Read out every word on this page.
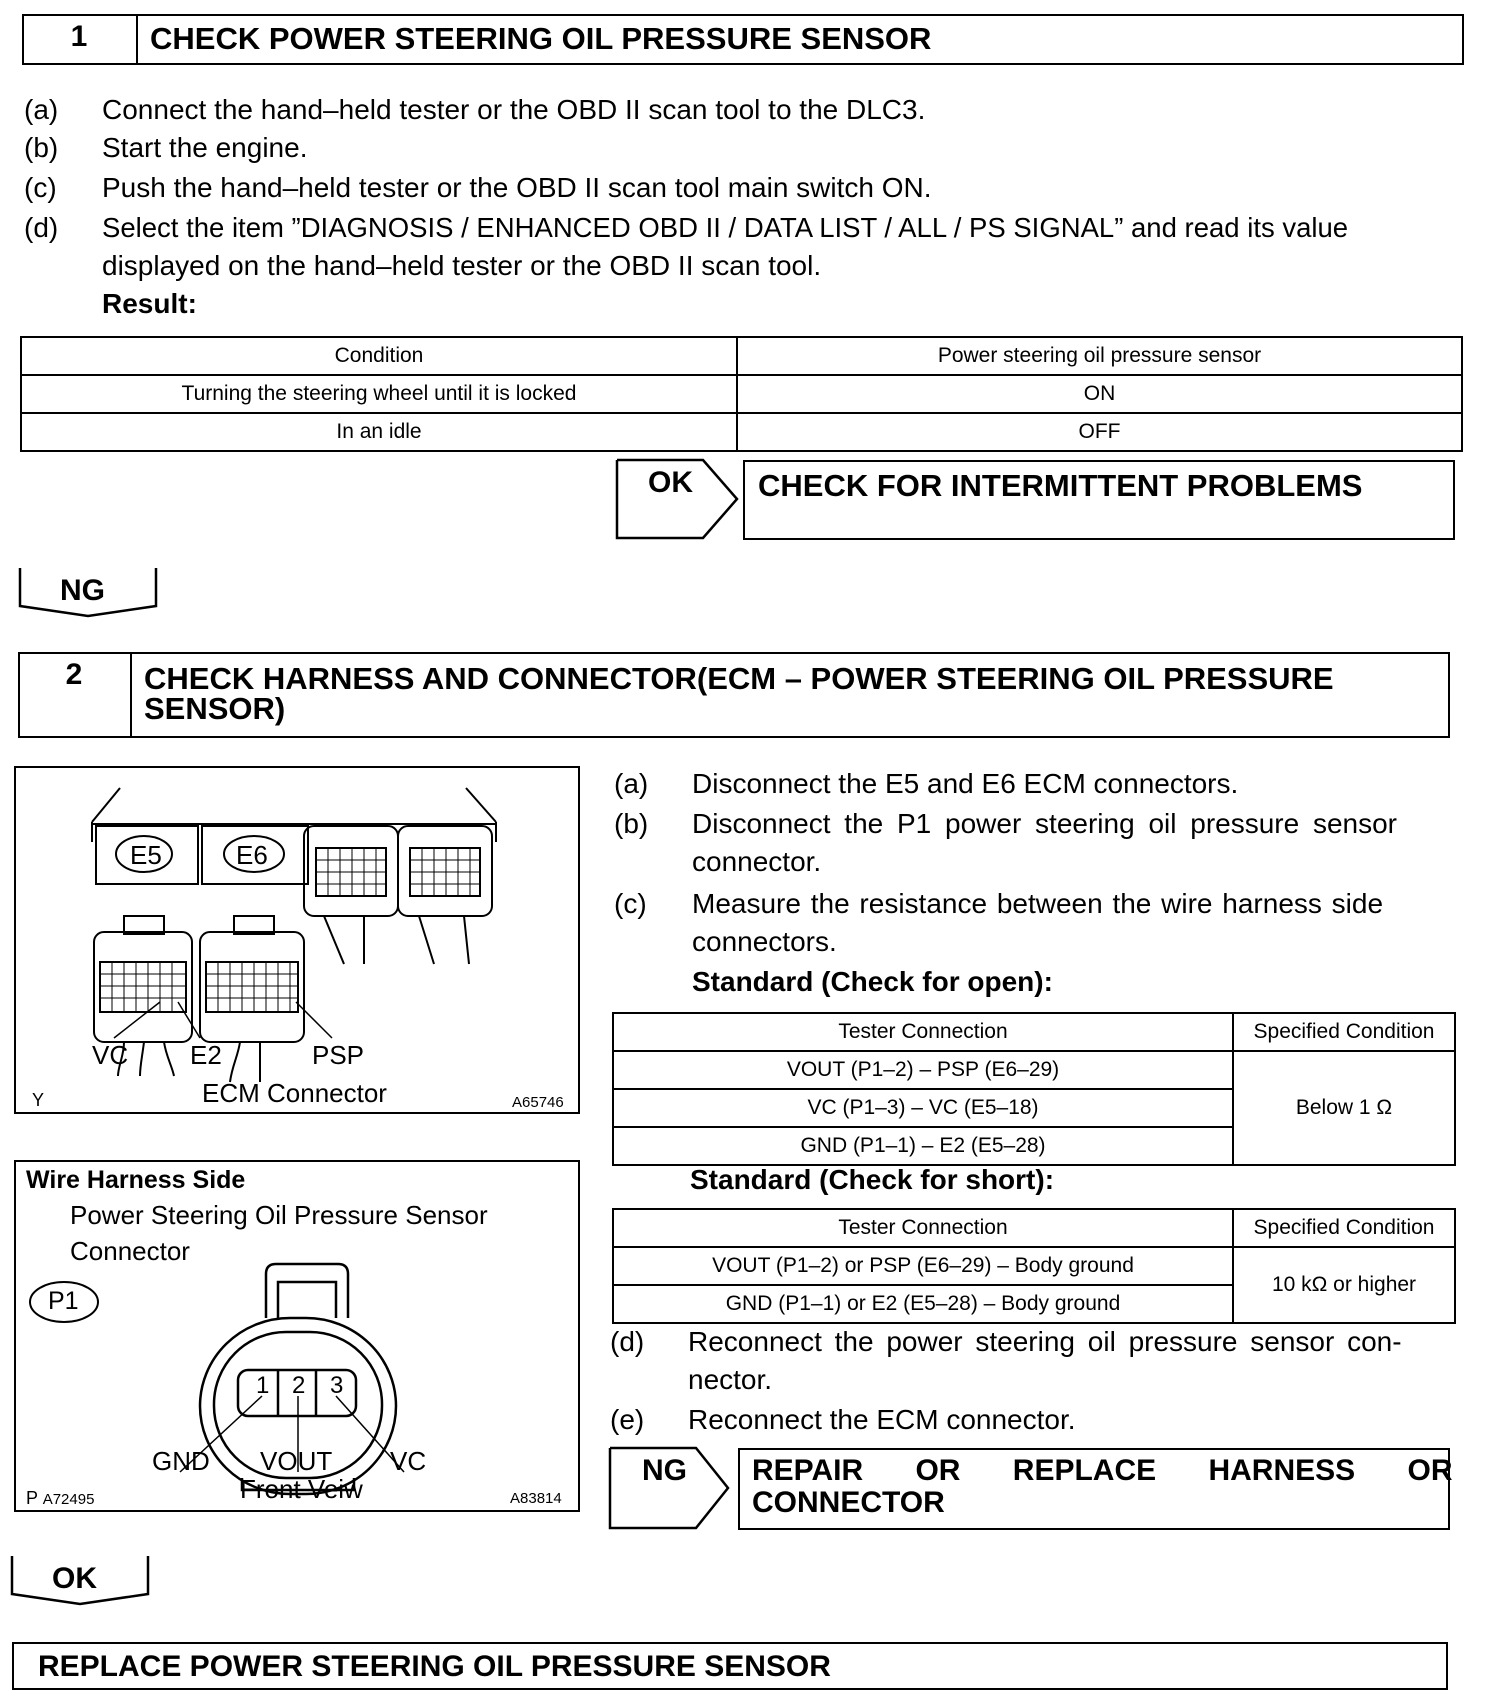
1	CHECK POWER STEERING OIL PRESSURE SENSOR
(a) Connect the hand–held tester or the OBD II scan tool to the DLC3.
(b) Start the engine.
(c) Push the hand–held tester or the OBD II scan tool main switch ON.
(d) Select the item ”DIAGNOSIS / ENHANCED OBD II / DATA LIST / ALL / PS SIGNAL” and read its value
displayed on the hand–held tester or the OBD II scan tool.
Result:
Condition	Power steering oil pressure sensor
Turning the steering wheel until it is locked	ON
In an idle	OFF
OK CHECK FOR INTERMITTENT PROBLEMS
NG
2	CHECK HARNESS AND CONNECTOR(ECM – POWER STEERING OIL PRESSURE
SENSOR)
E5	E6
VC E2	PSP
ECM Connector
Y	A65746
Wire Harness Side
Power Steering Oil Pressure Sensor
Connector
P1
1 2 3
GND VOUT VC
Front Veiw
P A72495	A83814
(a) Disconnect the E5 and E6 ECM connectors.
(b) Disconnect the P1 power steering oil pressure sensor
connector.
(c) Measure the resistance between the wire harness side
connectors.
Standard (Check for open):
Tester Connection	Specified Condition
VOUT (P1–2) – PSP (E6–29)	Below 1 Ω
VC (P1–3) – VC (E5–18)	
GND (P1–1) – E2 (E5–28)	
Standard (Check for short):
Tester Connection	Specified Condition
VOUT (P1–2) or PSP (E6–29) – Body ground	10 kΩ or higher
GND (P1–1) or E2 (E5–28) – Body ground	
(d) Reconnect the power steering oil pressure sensor con-
nector.
(e) Reconnect the ECM connector.
NG REPAIR OR REPLACE HARNESS OR
CONNECTOR
OK
REPLACE POWER STEERING OIL PRESSURE SENSOR
